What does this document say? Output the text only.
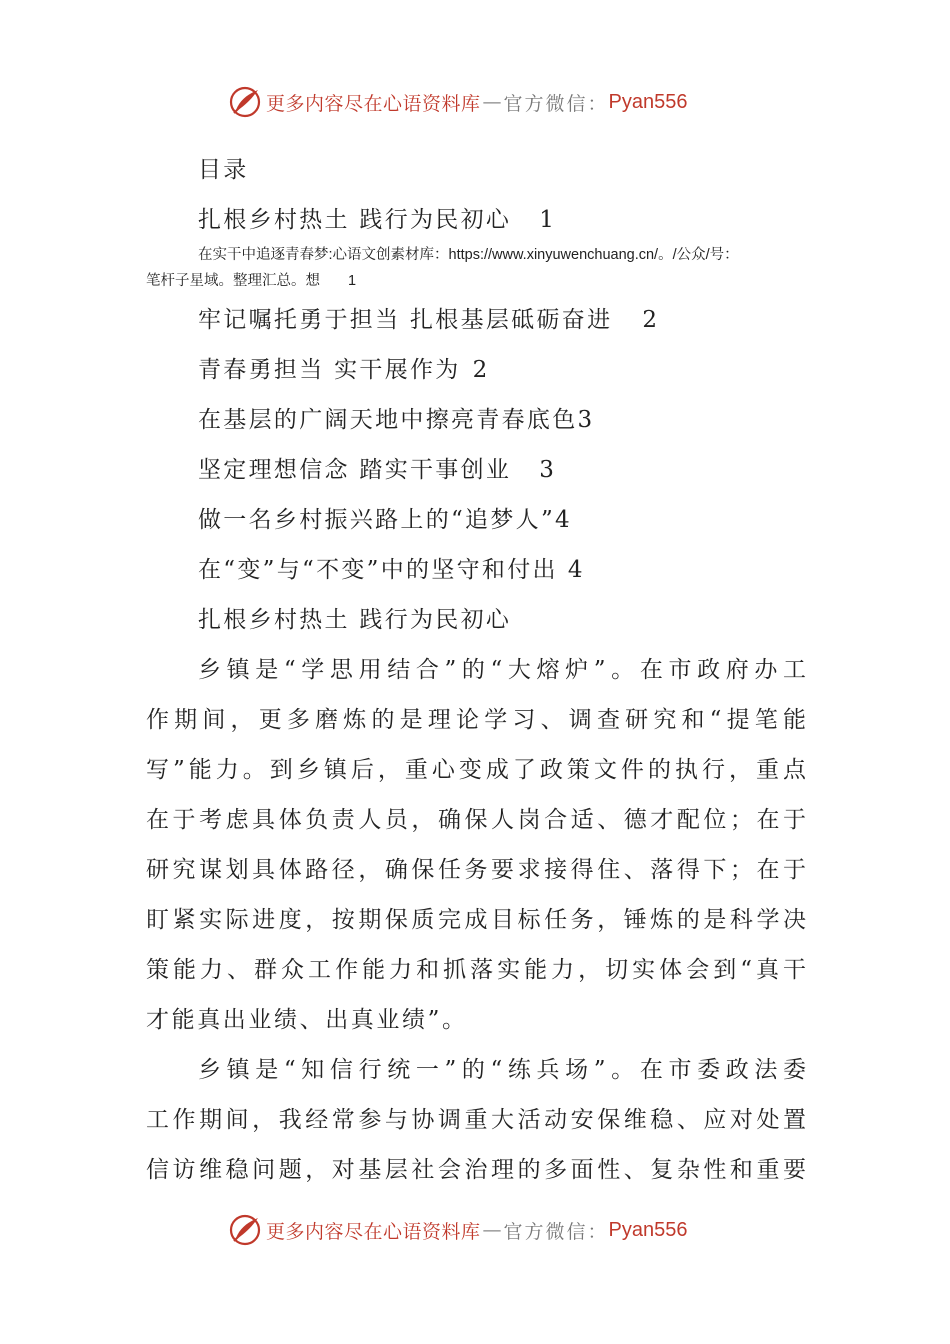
更多内容尽在心语资料库 — 官方微信： Pyan556
目录
扎根乡村热土 践行为民初心 1
在实干中追逐青春梦:心语文创素材库：https://www.xinyuwenchuang.cn/。/公众/号：
笔杆子星域。整理汇总。想 1
牢记嘱托勇于担当 扎根基层砥砺奋进 2
青春勇担当 实干展作为 2
在基层的广阔天地中擦亮青春底色3
坚定理想信念 踏实干事创业 3
做一名乡村振兴路上的“追梦人”4
在“变”与“不变”中的坚守和付出 4
扎根乡村热土 践行为民初心
乡镇是“学思用结合”的“大熔炉”。在市政府办工
作期间，更多磨炼的是理论学习、调查研究和“提笔能
写”能力。到乡镇后，重心变成了政策文件的执行，重点
在于考虑具体负责人员，确保人岗合适、德才配位；在于
研究谋划具体路径，确保任务要求接得住、落得下；在于
盯紧实际进度，按期保质完成目标任务，锤炼的是科学决
策能力、群众工作能力和抓落实能力，切实体会到“真干
才能真出业绩、出真业绩”。
乡镇是“知信行统一”的“练兵场”。在市委政法委
工作期间，我经常参与协调重大活动安保维稳、应对处置
信访维稳问题，对基层社会治理的多面性、复杂性和重要
更多内容尽在心语资料库 — 官方微信： Pyan556
